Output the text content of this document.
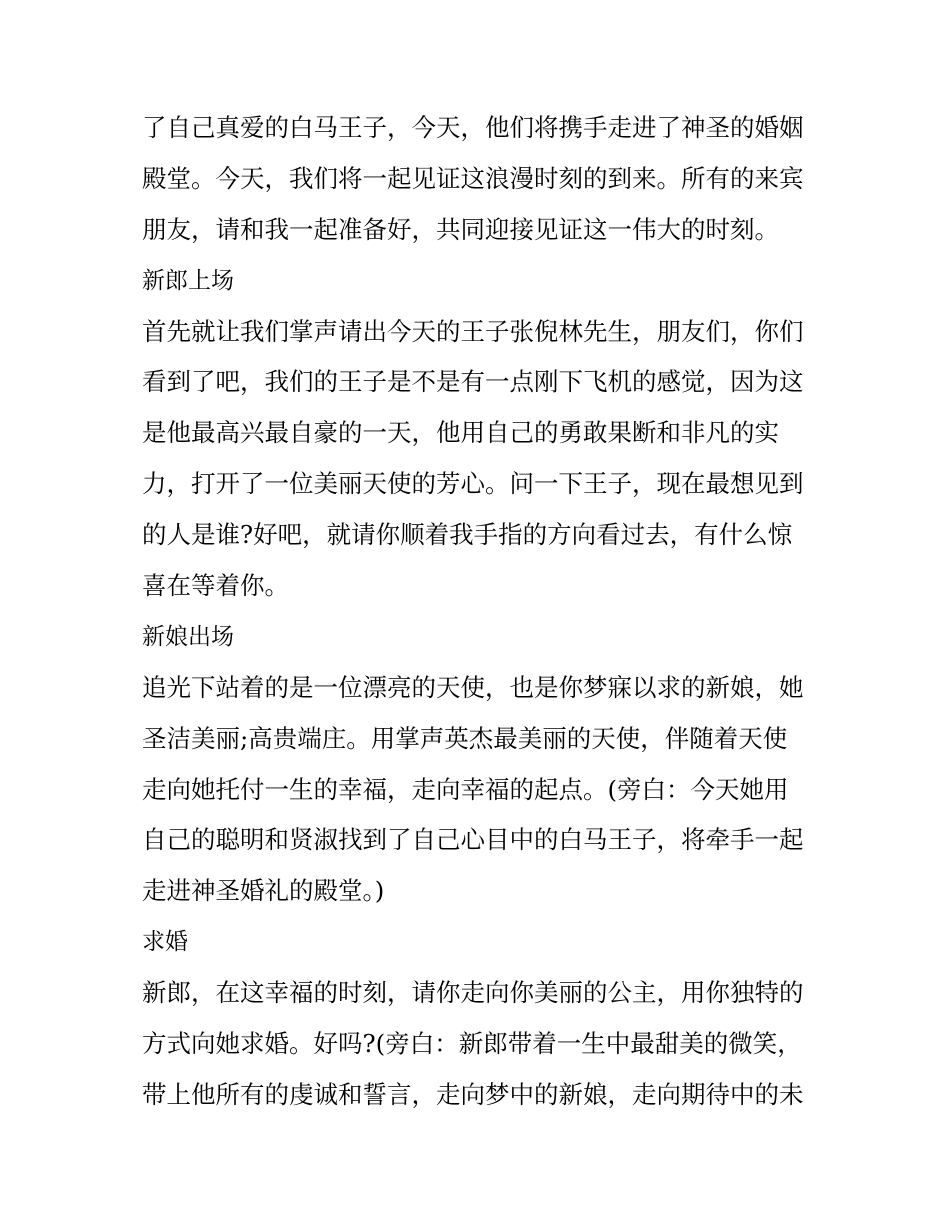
了自己真爱的白马王子，今天，他们将携手走进了神圣的婚姻
殿堂。今天，我们将一起见证这浪漫时刻的到来。所有的来宾
朋友，请和我一起准备好，共同迎接见证这一伟大的时刻。
新郎上场
首先就让我们掌声请出今天的王子张倪林先生，朋友们，你们
看到了吧，我们的王子是不是有一点刚下飞机的感觉，因为这
是他最高兴最自豪的一天，他用自己的勇敢果断和非凡的实
力，打开了一位美丽天使的芳心。问一下王子，现在最想见到
的人是谁?好吧，就请你顺着我手指的方向看过去，有什么惊
喜在等着你。
新娘出场
追光下站着的是一位漂亮的天使，也是你梦寐以求的新娘，她
圣洁美丽;高贵端庄。用掌声英杰最美丽的天使，伴随着天使
走向她托付一生的幸福，走向幸福的起点。(旁白：今天她用
自己的聪明和贤淑找到了自己心目中的白马王子，将牵手一起
走进神圣婚礼的殿堂。)
求婚
新郎，在这幸福的时刻，请你走向你美丽的公主，用你独特的
方式向她求婚。好吗?(旁白：新郎带着一生中最甜美的微笑，
带上他所有的虔诚和誓言，走向梦中的新娘，走向期待中的未
